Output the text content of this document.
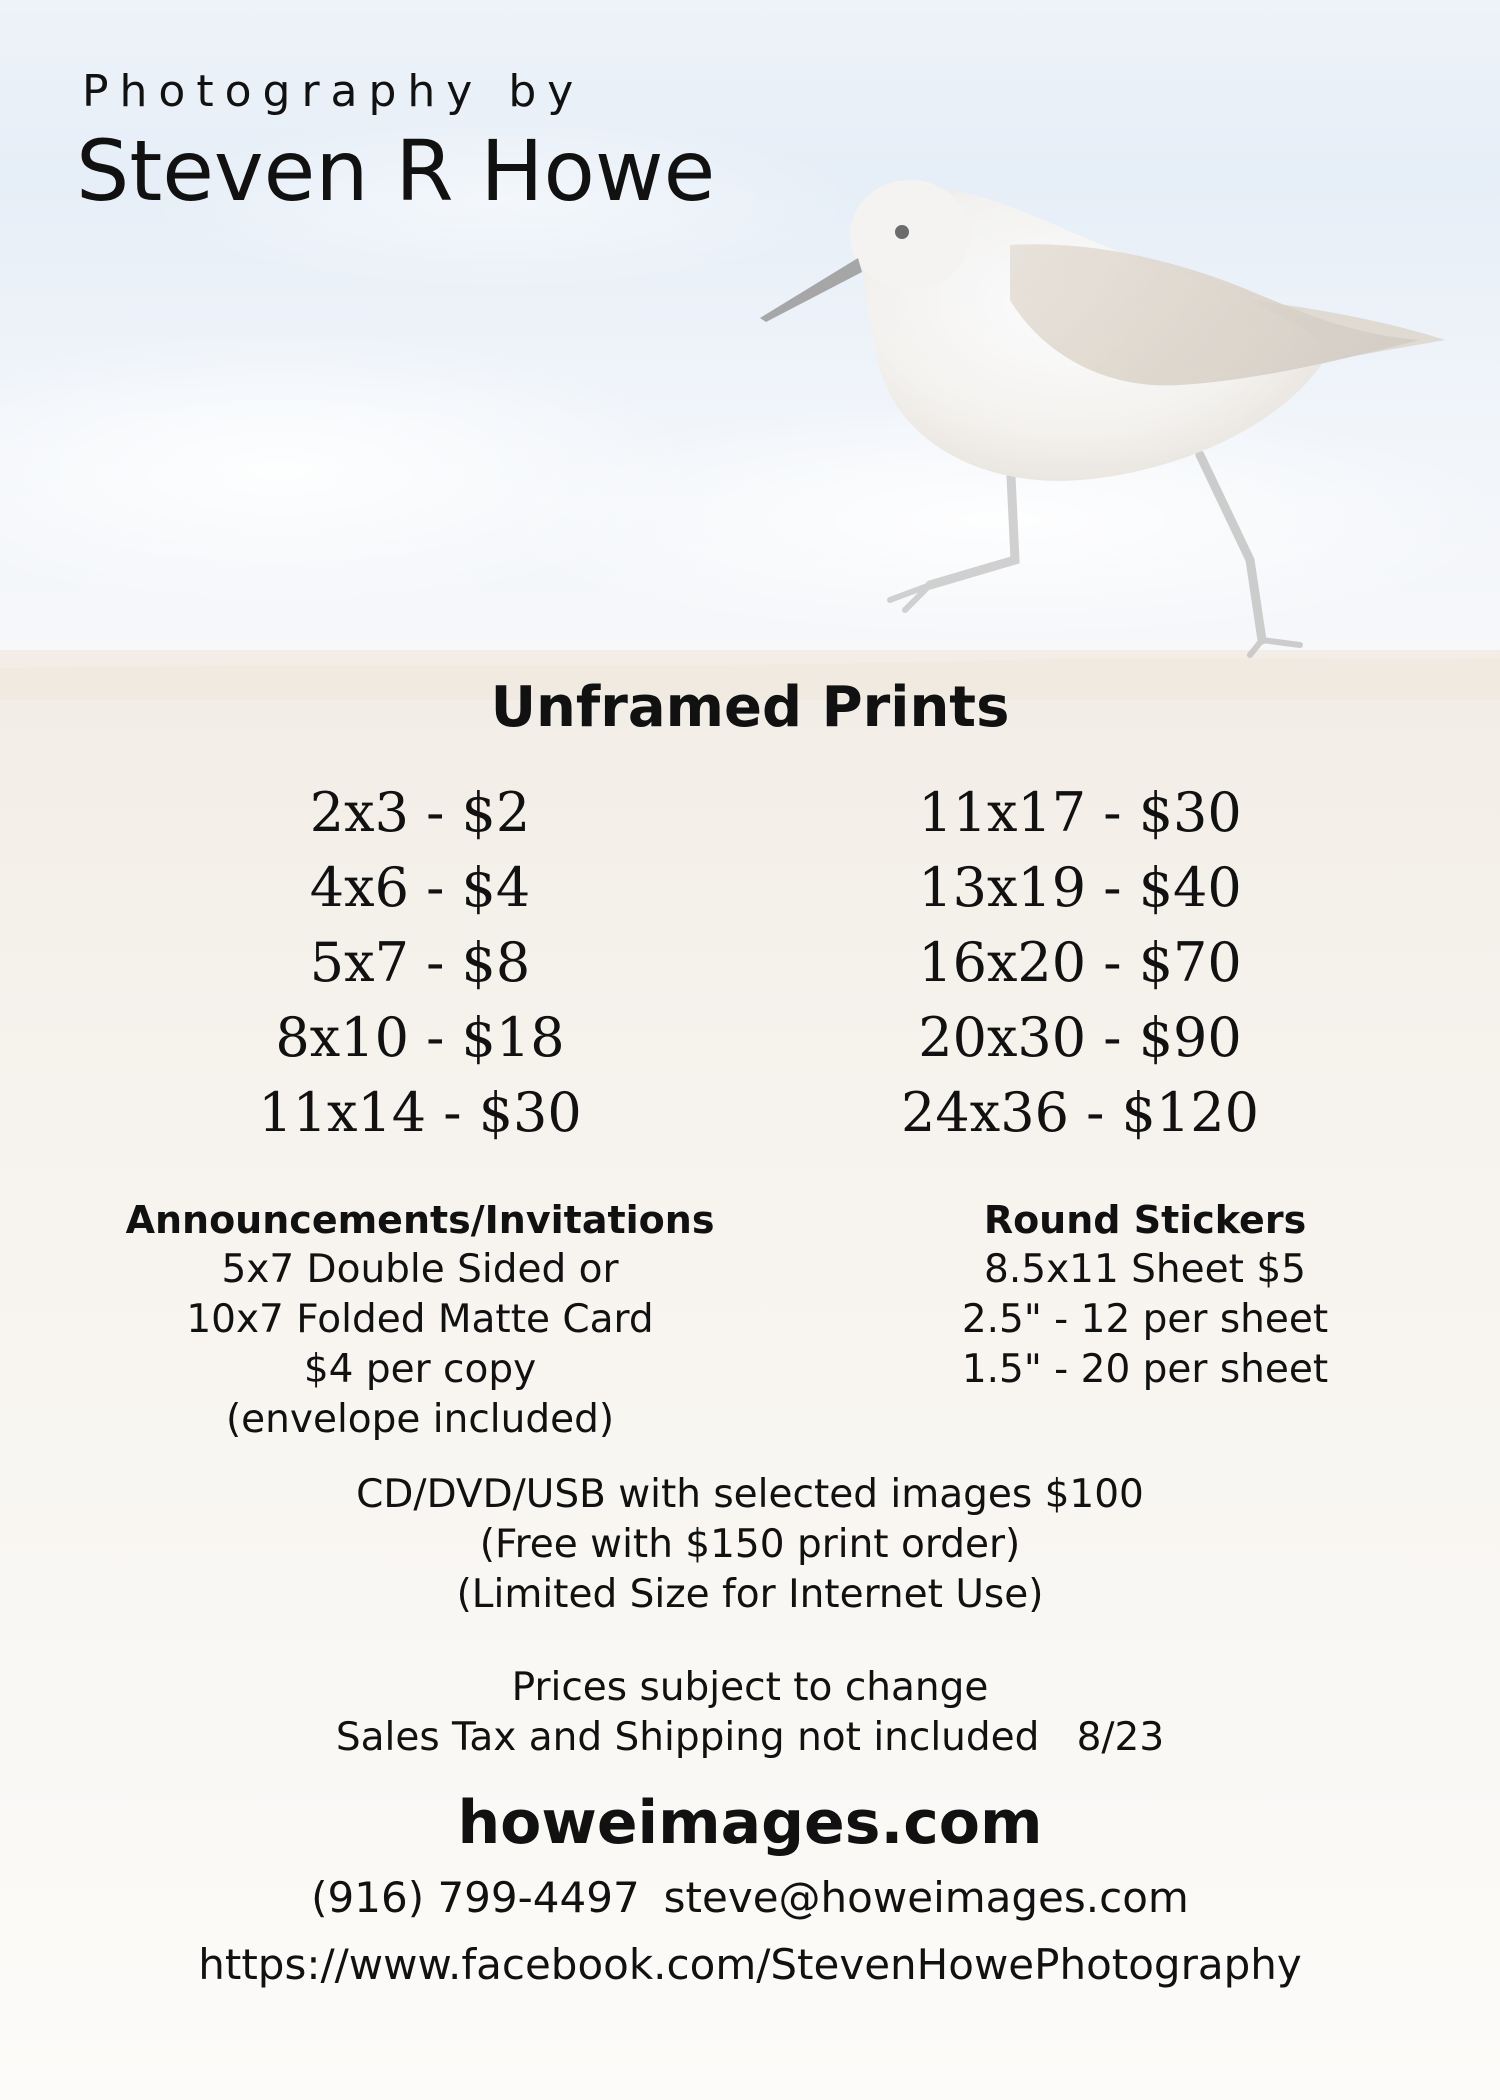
Photography by
Steven R Howe
Unframed Prints
2x3 - $2
4x6 - $4
5x7 - $8
8x10 - $18
11x14 - $30
11x17 - $30
13x19 - $40
16x20 - $70
20x30 - $90
24x36 - $120
Announcements/Invitations
5x7 Double Sided or
10x7 Folded Matte Card
$4 per copy
(envelope included)
Round Stickers
8.5x11 Sheet $5
2.5" - 12 per sheet
1.5" - 20 per sheet
CD/DVD/USB with selected images $100
(Free with $150 print order)
(Limited Size for Internet Use)
Prices subject to change
Sales Tax and Shipping not included   8/23
howeimages.com
(916) 799-4497 steve@howeimages.com
https://www.facebook.com/StevenHowePhotography
